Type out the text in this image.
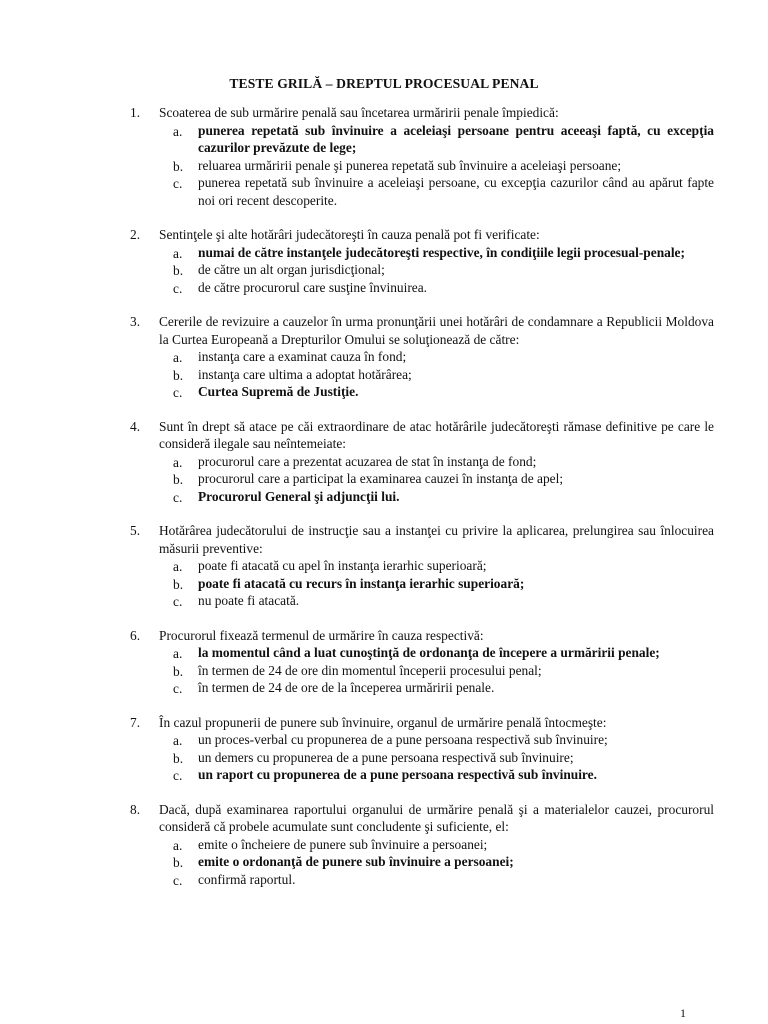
TESTE GRILĂ – DREPTUL PROCESUAL PENAL
1.	Scoaterea de sub urmărire penală sau încetarea urmăririi penale împiedică:
a. punerea repetată sub învinuire a aceleiaşi persoane pentru aceeaşi faptă, cu excepţia cazurilor prevăzute de lege;
b. reluarea urmăririi penale şi punerea repetată sub învinuire a aceleiaşi persoane;
c. punerea repetată sub învinuire a aceleiaşi persoane, cu excepţia cazurilor când au apărut fapte noi ori recent descoperite.
2.	Sentinţele şi alte hotărâri judecătoreşti în cauza penală pot fi verificate:
a. numai de către instanţele judecătoreşti respective, în condiţiile legii procesual-penale;
b. de către un alt organ jurisdicţional;
c. de către procurorul care susţine învinuirea.
3.	Cererile de revizuire a cauzelor în urma pronunţării unei hotărâri de condamnare a Republicii Moldova la Curtea Europeană a Drepturilor Omului se soluţionează de către:
a. instanţa care a examinat cauza în fond;
b. instanţa care ultima a adoptat hotărârea;
c. Curtea Supremă de Justiţie.
4.	Sunt în drept să atace pe căi extraordinare de atac hotărârile judecătoreşti rămase definitive pe care le consideră ilegale sau neîntemeiate:
a. procurorul care a prezentat acuzarea de stat în instanţa de fond;
b. procurorul care a participat la examinarea cauzei în instanţa de apel;
c. Procurorul General şi adjuncţii lui.
5.	Hotărârea judecătorului de instrucţie sau a instanţei cu privire la aplicarea, prelungirea sau înlocuirea măsurii preventive:
a. poate fi atacată cu apel în instanţa ierarhic superioară;
b. poate fi atacată cu recurs în instanţa ierarhic superioară;
c. nu poate fi atacată.
6.	Procurorul fixează termenul de urmărire în cauza respectivă:
a. la momentul când a luat cunoştinţă de ordonanţa de începere a urmăririi penale;
b. în termen de 24 de ore din momentul începerii procesului penal;
c. în termen de 24 de ore de la începerea urmăririi penale.
7.	În cazul propunerii de punere sub învinuire, organul de urmărire penală întocmeşte:
a. un proces-verbal cu propunerea de a pune persoana respectivă sub învinuire;
b. un demers cu propunerea de a pune persoana respectivă sub învinuire;
c. un raport cu propunerea de a pune persoana respectivă sub învinuire.
8.	Dacă, după examinarea raportului organului de urmărire penală şi a materialelor cauzei, procurorul consideră că probele acumulate sunt concludente şi suficiente, el:
a. emite o încheiere de punere sub învinuire a persoanei;
b. emite o ordonanţă de punere sub învinuire a persoanei;
c. confirmă raportul.
1
